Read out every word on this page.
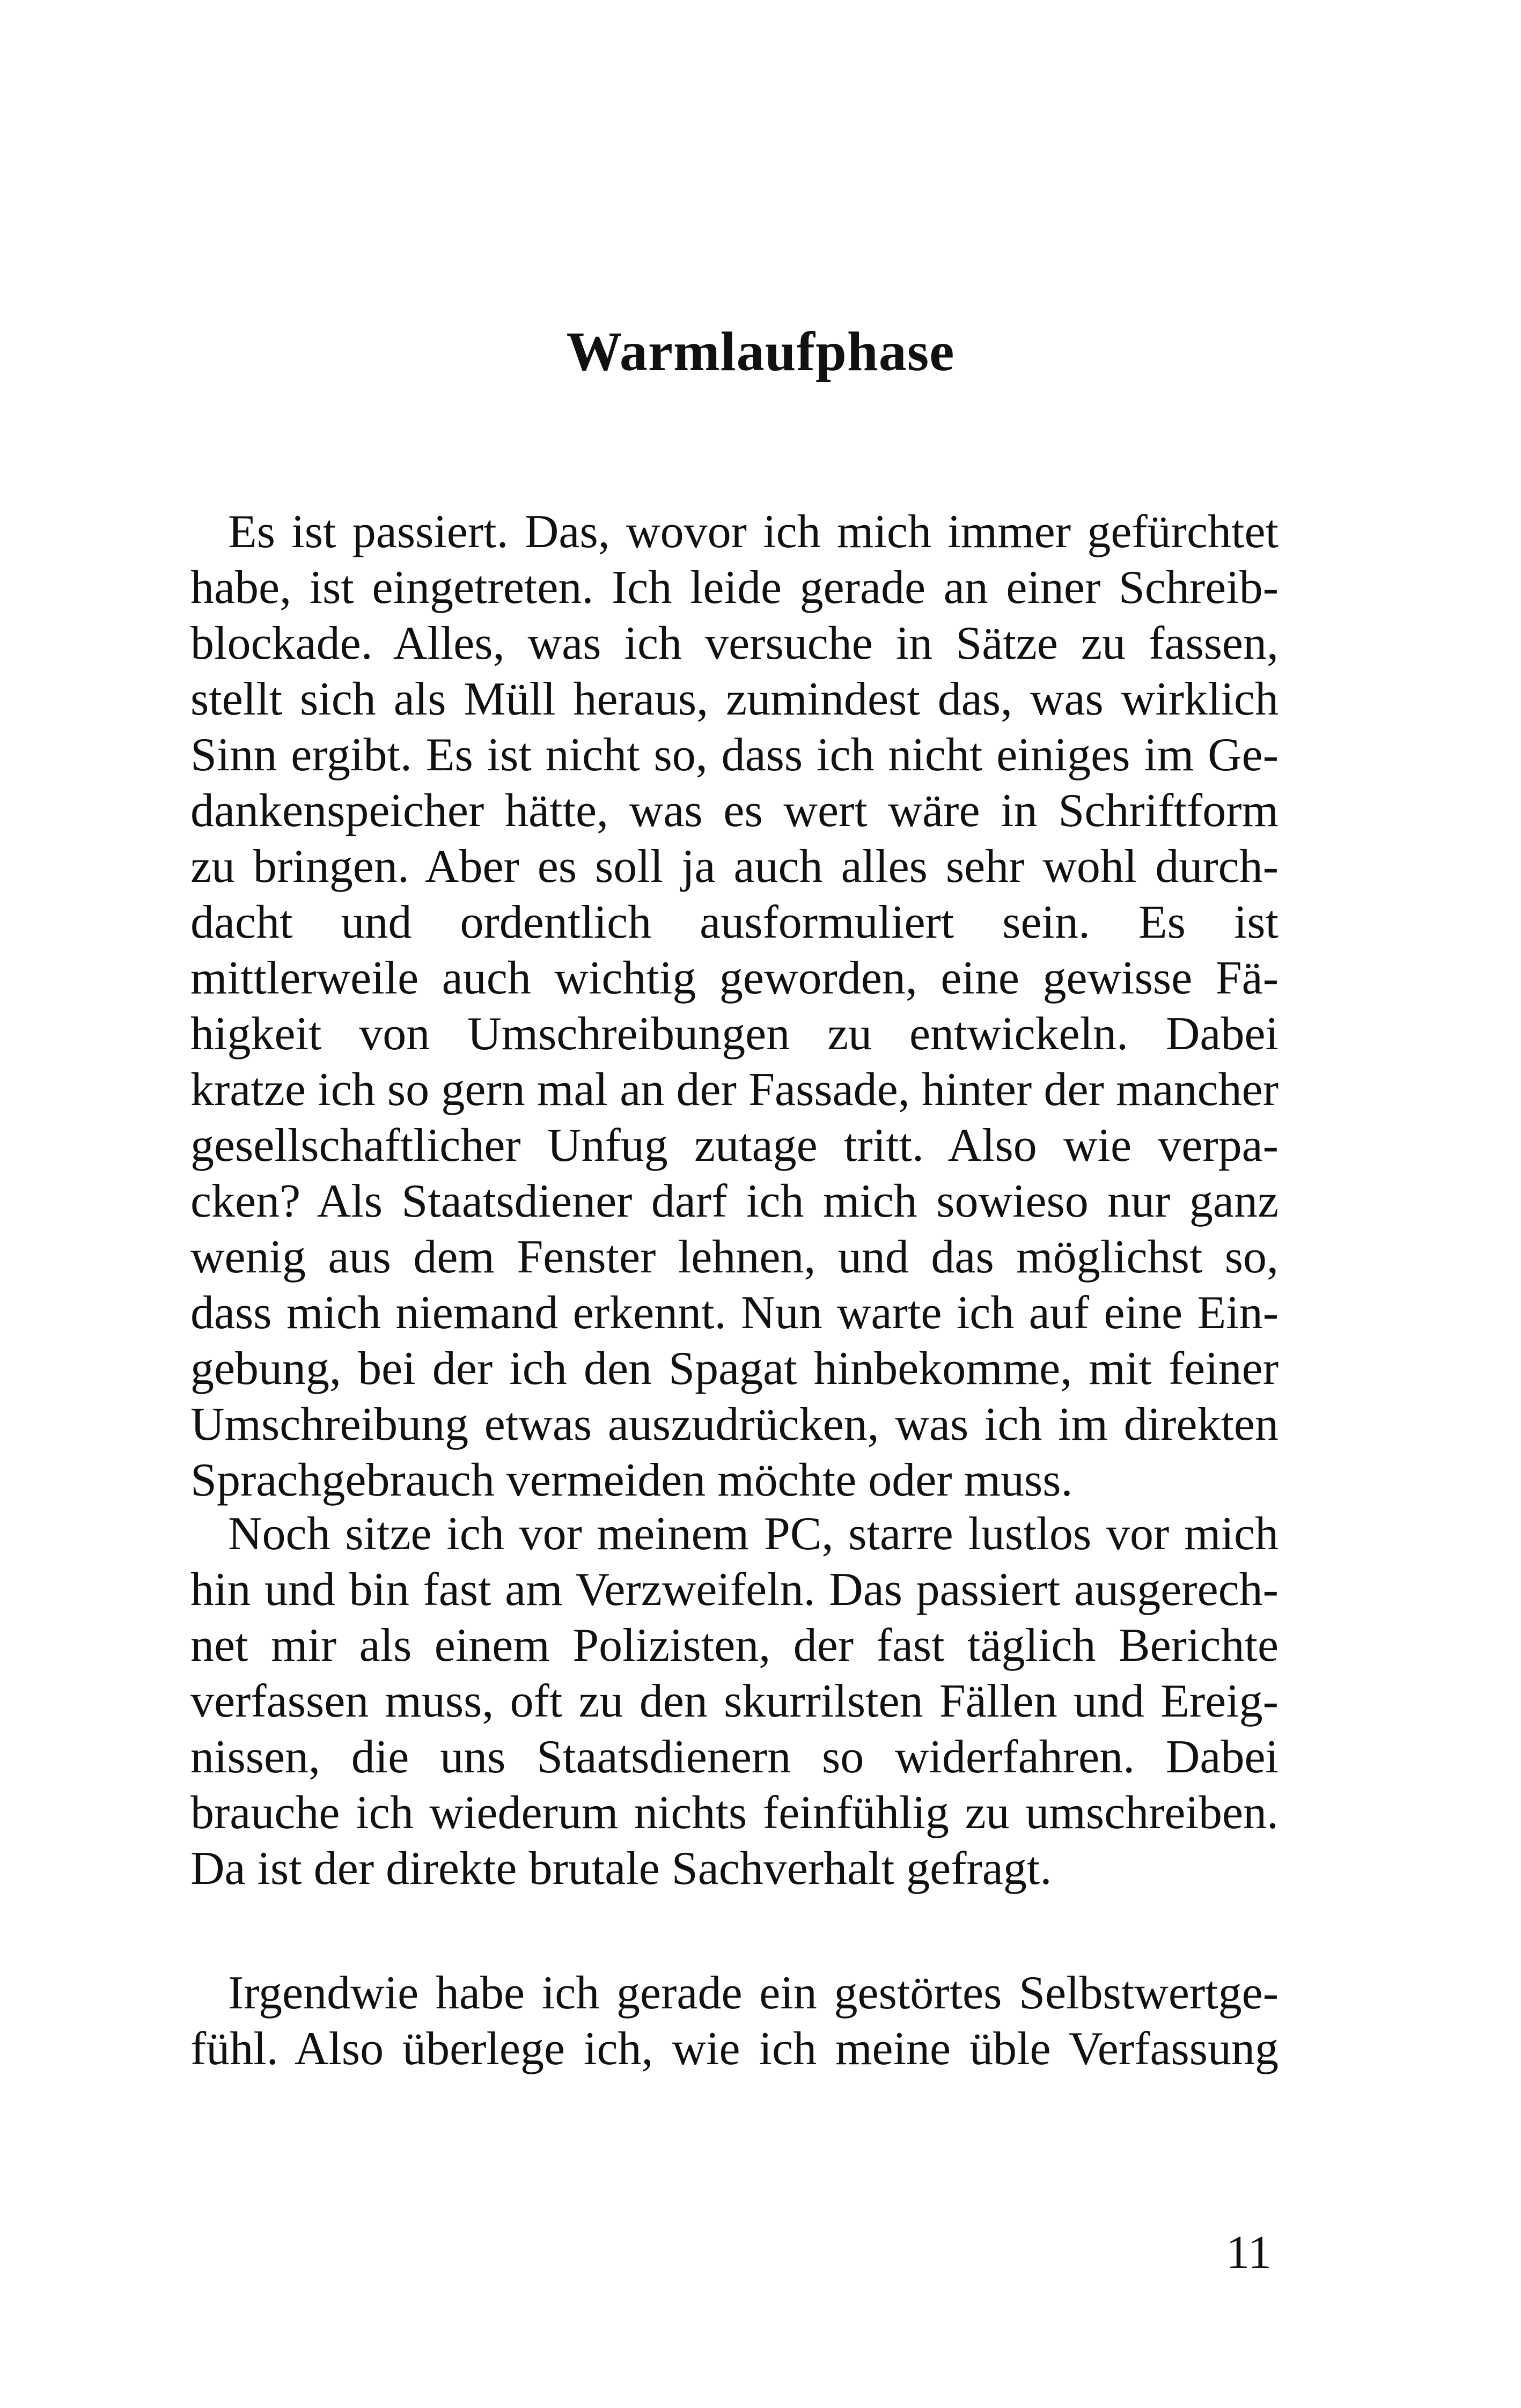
Warmlaufphase
Es ist passiert. Das, wovor ich mich immer gefürchtet
habe, ist eingetreten. Ich leide gerade an einer Schreib-
blockade. Alles, was ich versuche in Sätze zu fassen,
stellt sich als Müll heraus, zumindest das, was wirklich
Sinn ergibt. Es ist nicht so, dass ich nicht einiges im Ge-
dankenspeicher hätte, was es wert wäre in Schriftform
zu bringen. Aber es soll ja auch alles sehr wohl durch-
dacht und ordentlich ausformuliert sein. Es ist
mittlerweile auch wichtig geworden, eine gewisse Fä-
higkeit von Umschreibungen zu entwickeln. Dabei
kratze ich so gern mal an der Fassade, hinter der mancher
gesellschaftlicher Unfug zutage tritt. Also wie verpa-
cken? Als Staatsdiener darf ich mich sowieso nur ganz
wenig aus dem Fenster lehnen, und das möglichst so,
dass mich niemand erkennt. Nun warte ich auf eine Ein-
gebung, bei der ich den Spagat hinbekomme, mit feiner
Umschreibung etwas auszudrücken, was ich im direkten
Sprachgebrauch vermeiden möchte oder muss.
Noch sitze ich vor meinem PC, starre lustlos vor mich
hin und bin fast am Verzweifeln. Das passiert ausgerech-
net mir als einem Polizisten, der fast täglich Berichte
verfassen muss, oft zu den skurrilsten Fällen und Ereig-
nissen, die uns Staatsdienern so widerfahren. Dabei
brauche ich wiederum nichts feinfühlig zu umschreiben.
Da ist der direkte brutale Sachverhalt gefragt.
Irgendwie habe ich gerade ein gestörtes Selbstwertge-
fühl. Also überlege ich, wie ich meine üble Verfassung

11
